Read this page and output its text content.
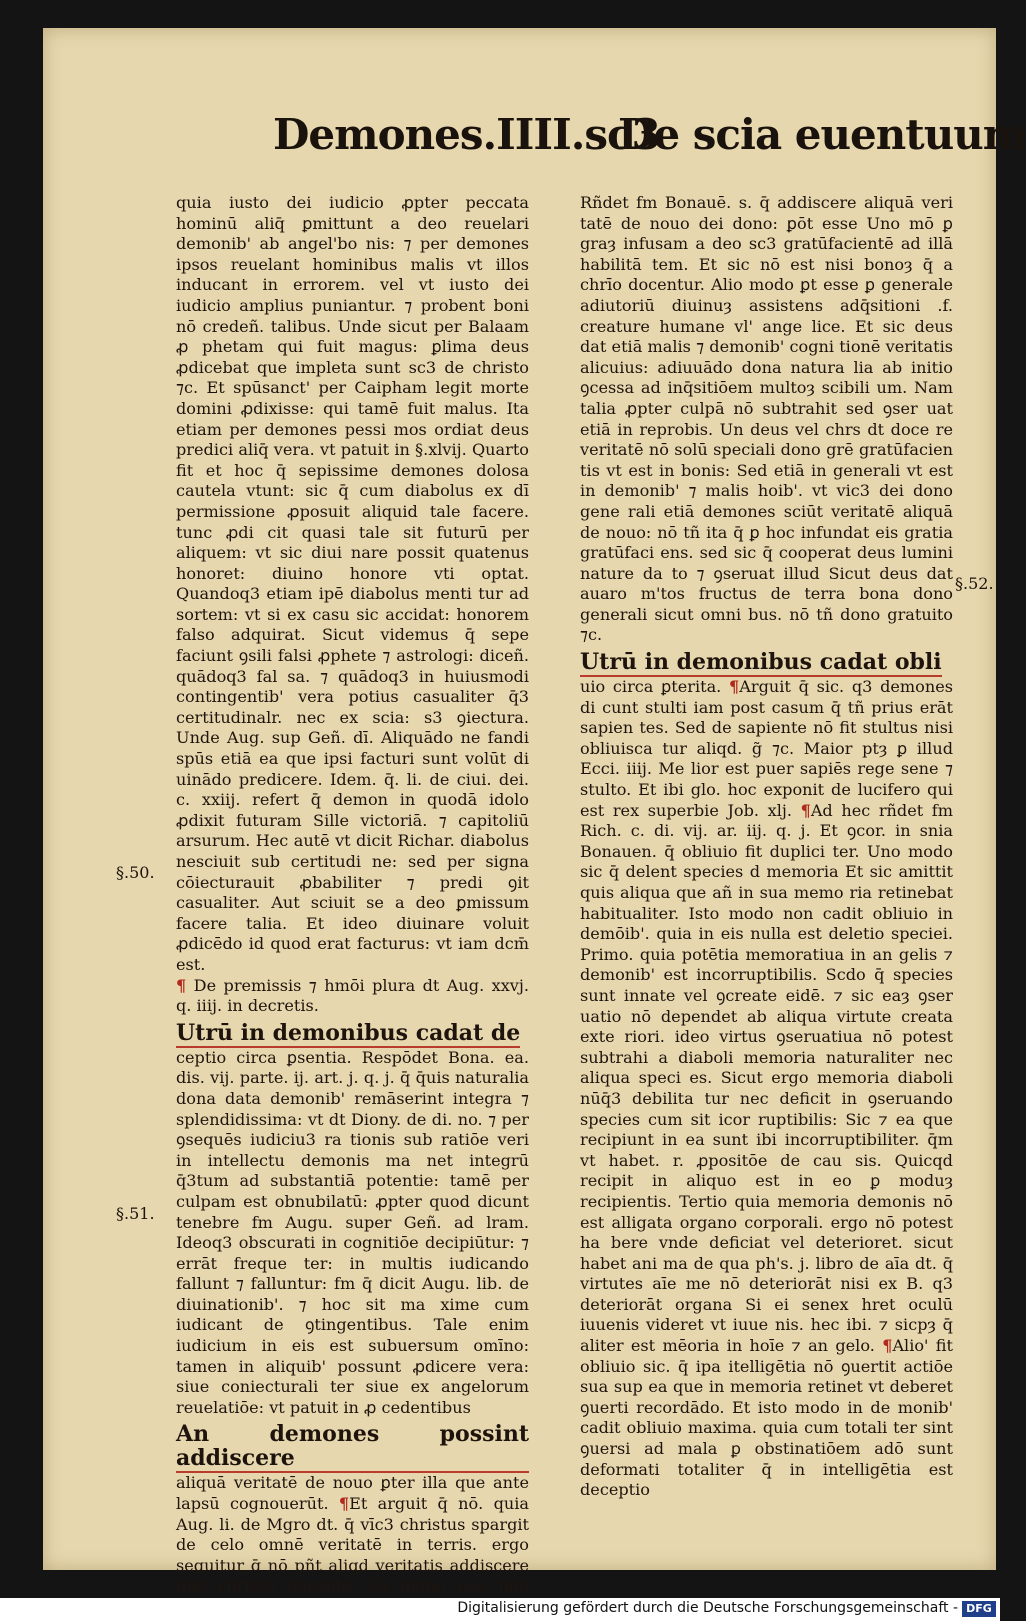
Demones.IIII.sc3
De scia euentuum
§.50.
§.51.
§.52.

quia iusto dei iudicio ꝓpter peccata hominū aliq̄ ꝑmittunt a deo reuelari demonib' ab angel'bo nis: ⁊ per demones ipsos reuelant hominibus malis vt illos inducant in errorem. vel vt iusto dei iudicio amplius puniantur. ⁊ probent boni nō credeñ. talibus. Unde sicut per Balaam ꝓ phetam qui fuit magus: ꝑlima deus ꝓdicebat que impleta sunt sc3 de christo ⁊c. Et spūsanct' per Caipham legit morte domini ꝓdixisse: qui tamē fuit malus. Ita etiam per demones pessi mos ordiat deus predici aliq̄ vera. vt patuit in §.xlvij. Quarto fit et hoc q̄ sepissime demones dolosa cautela vtunt: sic q̄ cum diabolus ex dī permissione ꝓposuit aliquid tale facere. tunc ꝓdi cit quasi tale sit futurū per aliquem: vt sic diui nare possit quatenus honoret: diuino honore vti optat. Quandoq3 etiam ipē diabolus menti tur ad sortem: vt si ex casu sic accidat: honorem falso adquirat. Sicut videmus q̄ sepe faciunt ꝯsili falsi ꝓphete ⁊ astrologi: diceñ. quādoq3 fal sa. ⁊ quādoq3 in huiusmodi contingentib' vera potius casualiter q̄3 certitudinalr. nec ex scia: s3 ꝯiectura. Unde Aug. sup Geñ. dī. Aliquādo ne fandi spūs etiā ea que ipsi facturi sunt volūt di uinādo predicere. Idem. q̄. li. de ciui. dei. c. xxiij. refert q̄ demon in quodā idolo ꝓdixit futuram Sille victoriā. ⁊ capitoliū arsurum. Hec autē vt dicit Richar. diabolus nesciuit sub certitudi ne: sed per signa cōiecturauit ꝓbabiliter ⁊ predi ꝯit casualiter. Aut sciuit se a deo ꝑmissum facere talia. Et ideo diuinare voluit ꝓdicēdo id quod erat facturus: vt iam dcm̄ est.

¶ De premissis ⁊ hmōi plura dt Aug. xxvj. q. iiij. in decretis.

Utrū in demonibus cadat de

ceptio circa ꝑsentia. Respōdet Bona. ea. dis. vij. parte. ij. art. j. q. j. q̄ q̄uis naturalia dona data demonib' remāserint integra ⁊ splendidissima: vt dt Diony. de di. no. ⁊ per ꝯsequēs iudiciu3 ra tionis sub ratiōe veri in intellectu demonis ma net integrū q̄3tum ad substantiā potentie: tamē per culpam est obnubilatū: ꝓpter quod dicunt tenebre fm Augu. super Geñ. ad lram. Ideoq3 obscurati in cognitiōe decipiūtur: ⁊ errāt freque ter: in multis iudicando fallunt ⁊ falluntur: fm q̄ dicit Augu. lib. de diuinationib'. ⁊ hoc sit ma xime cum iudicant de ꝯtingentibus. Tale enim iudicium in eis est subuersum omīno: tamen in aliquib' possunt ꝓdicere vera: siue coniecturali ter siue ex angelorum reuelatiōe: vt patuit in ꝓ cedentibus

An demones possint addiscere

aliquā veritatē de nouo ꝑter illa que ante lapsū cognouerūt. ¶Et arguit q̄ nō. quia Aug. li. de Mgro dt. q̄ vīc3 christus spargit de celo omnē veritatē in terris. ergo sequitur q̄ nō pñt aliqd veritatis addiscere nisi christo docente. s3 demo nes non

Rñdet fm Bonauē. s. q̄ addiscere aliquā veri tatē de nouo dei dono: ꝑōt esse Uno mō ꝑ graȝ infusam a deo sc3 gratūfacientē ad illā habilitā tem. Et sic nō est nisi bonoȝ q̄ a chrīo docentur. Alio modo ꝑt esse ꝑ generale adiutoriū diuinuȝ assistens adq̄sitioni .f. creature humane vl' ange lice. Et sic deus dat etiā malis ⁊ demonib' cogni tionē veritatis alicuius: adiuuādo dona natura lia ab initio ꝯcessa ad inq̄sitiōem multoȝ scibili um. Nam talia ꝓpter culpā nō subtrahit sed ꝯser uat etiā in reprobis. Un deus vel chrs dt doce re veritatē nō solū speciali dono grē gratūfacien tis vt est in bonis: Sed etiā in generali vt est in demonib' ⁊ malis hoib'. vt vic3 dei dono gene rali etiā demones sciūt veritatē aliquā de nouo: nō tñ ita q̄ ꝑ hoc infundat eis gratia gratūfaci ens. sed sic q̄ cooperat deus lumini nature da to ⁊ ꝯseruat illud Sicut deus dat auaro m'tos fructus de terra bona dono generali sicut omni bus. nō tñ dono gratuito ⁊c.

Utrū in demonibus cadat obli

uio circa ꝑterita. ¶Arguit q̄ sic. q3 demones di cunt stulti iam post casum q̄ tñ prius erāt sapien tes. Sed de sapiente nō fit stultus nisi obliuisca tur aliqd. g̃ ⁊c. Maior ptȝ ꝑ illud Ecci. iiij. Me lior est puer sapiēs rege sene ⁊ stulto. Et ibi glo. hoc exponit de lucifero qui est rex superbie Job. xlj. ¶Ad hec rñdet fm Rich. c. di. vij. ar. iij. q. j. Et ꝯcor. in snia Bonauen. q̄ obliuio fit duplici ter. Uno modo sic q̄ delent species d memoria Et sic amittit quis aliqua que añ in sua memo ria retinebat habitualiter. Isto modo non cadit obliuio in demōib'. quia in eis nulla est deletio speciei. Primo. quia potētia memoratiua in an gelis ⁊ demonib' est incorruptibilis. Scdo q̄ species sunt innate vel ꝯcreate eidē. ⁊ sic eaȝ ꝯser uatio nō dependet ab aliqua virtute creata exte riori. ideo virtus ꝯseruatiua nō potest subtrahi a diaboli memoria naturaliter nec aliqua speci es. Sicut ergo memoria diaboli nūq̄3 debilita tur nec deficit in ꝯseruando species cum sit icor ruptibilis: Sic ⁊ ea que recipiunt in ea sunt ibi incorruptibiliter. q̄m vt habet. r. ꝓpositōe de cau sis. Quicqd recipit in aliquo est in eo ꝑ moduȝ recipientis. Tertio quia memoria demonis nō est alligata organo corporali. ergo nō potest ha bere vnde deficiat vel deterioret. sicut habet ani ma de qua ph's. j. libro de aīa dt. q̄ virtutes aīe me nō deteriorāt nisi ex B. q3 deteriorāt organa Si ei senex hret oculū iuuenis videret vt iuue nis. hec ibi. ⁊ sicpȝ q̄ aliter est mēoria in hoīe ⁊ an gelo. ¶Alio' fit obliuio sic. q̄ ipa itelligētia nō ꝯuertit actiōe sua sup ea que in memoria retinet vt deberet ꝯuerti recordādo. Et isto modo in de monib' cadit obliuio maxima. quia cum totali ter sint ꝯuersi ad mala ꝑ obstinatiōem adō sunt deformati totaliter q̄ in intelligētia est deceptio

Digitalisierung gefördert durch die Deutsche Forschungsgemeinschaft - DFG
